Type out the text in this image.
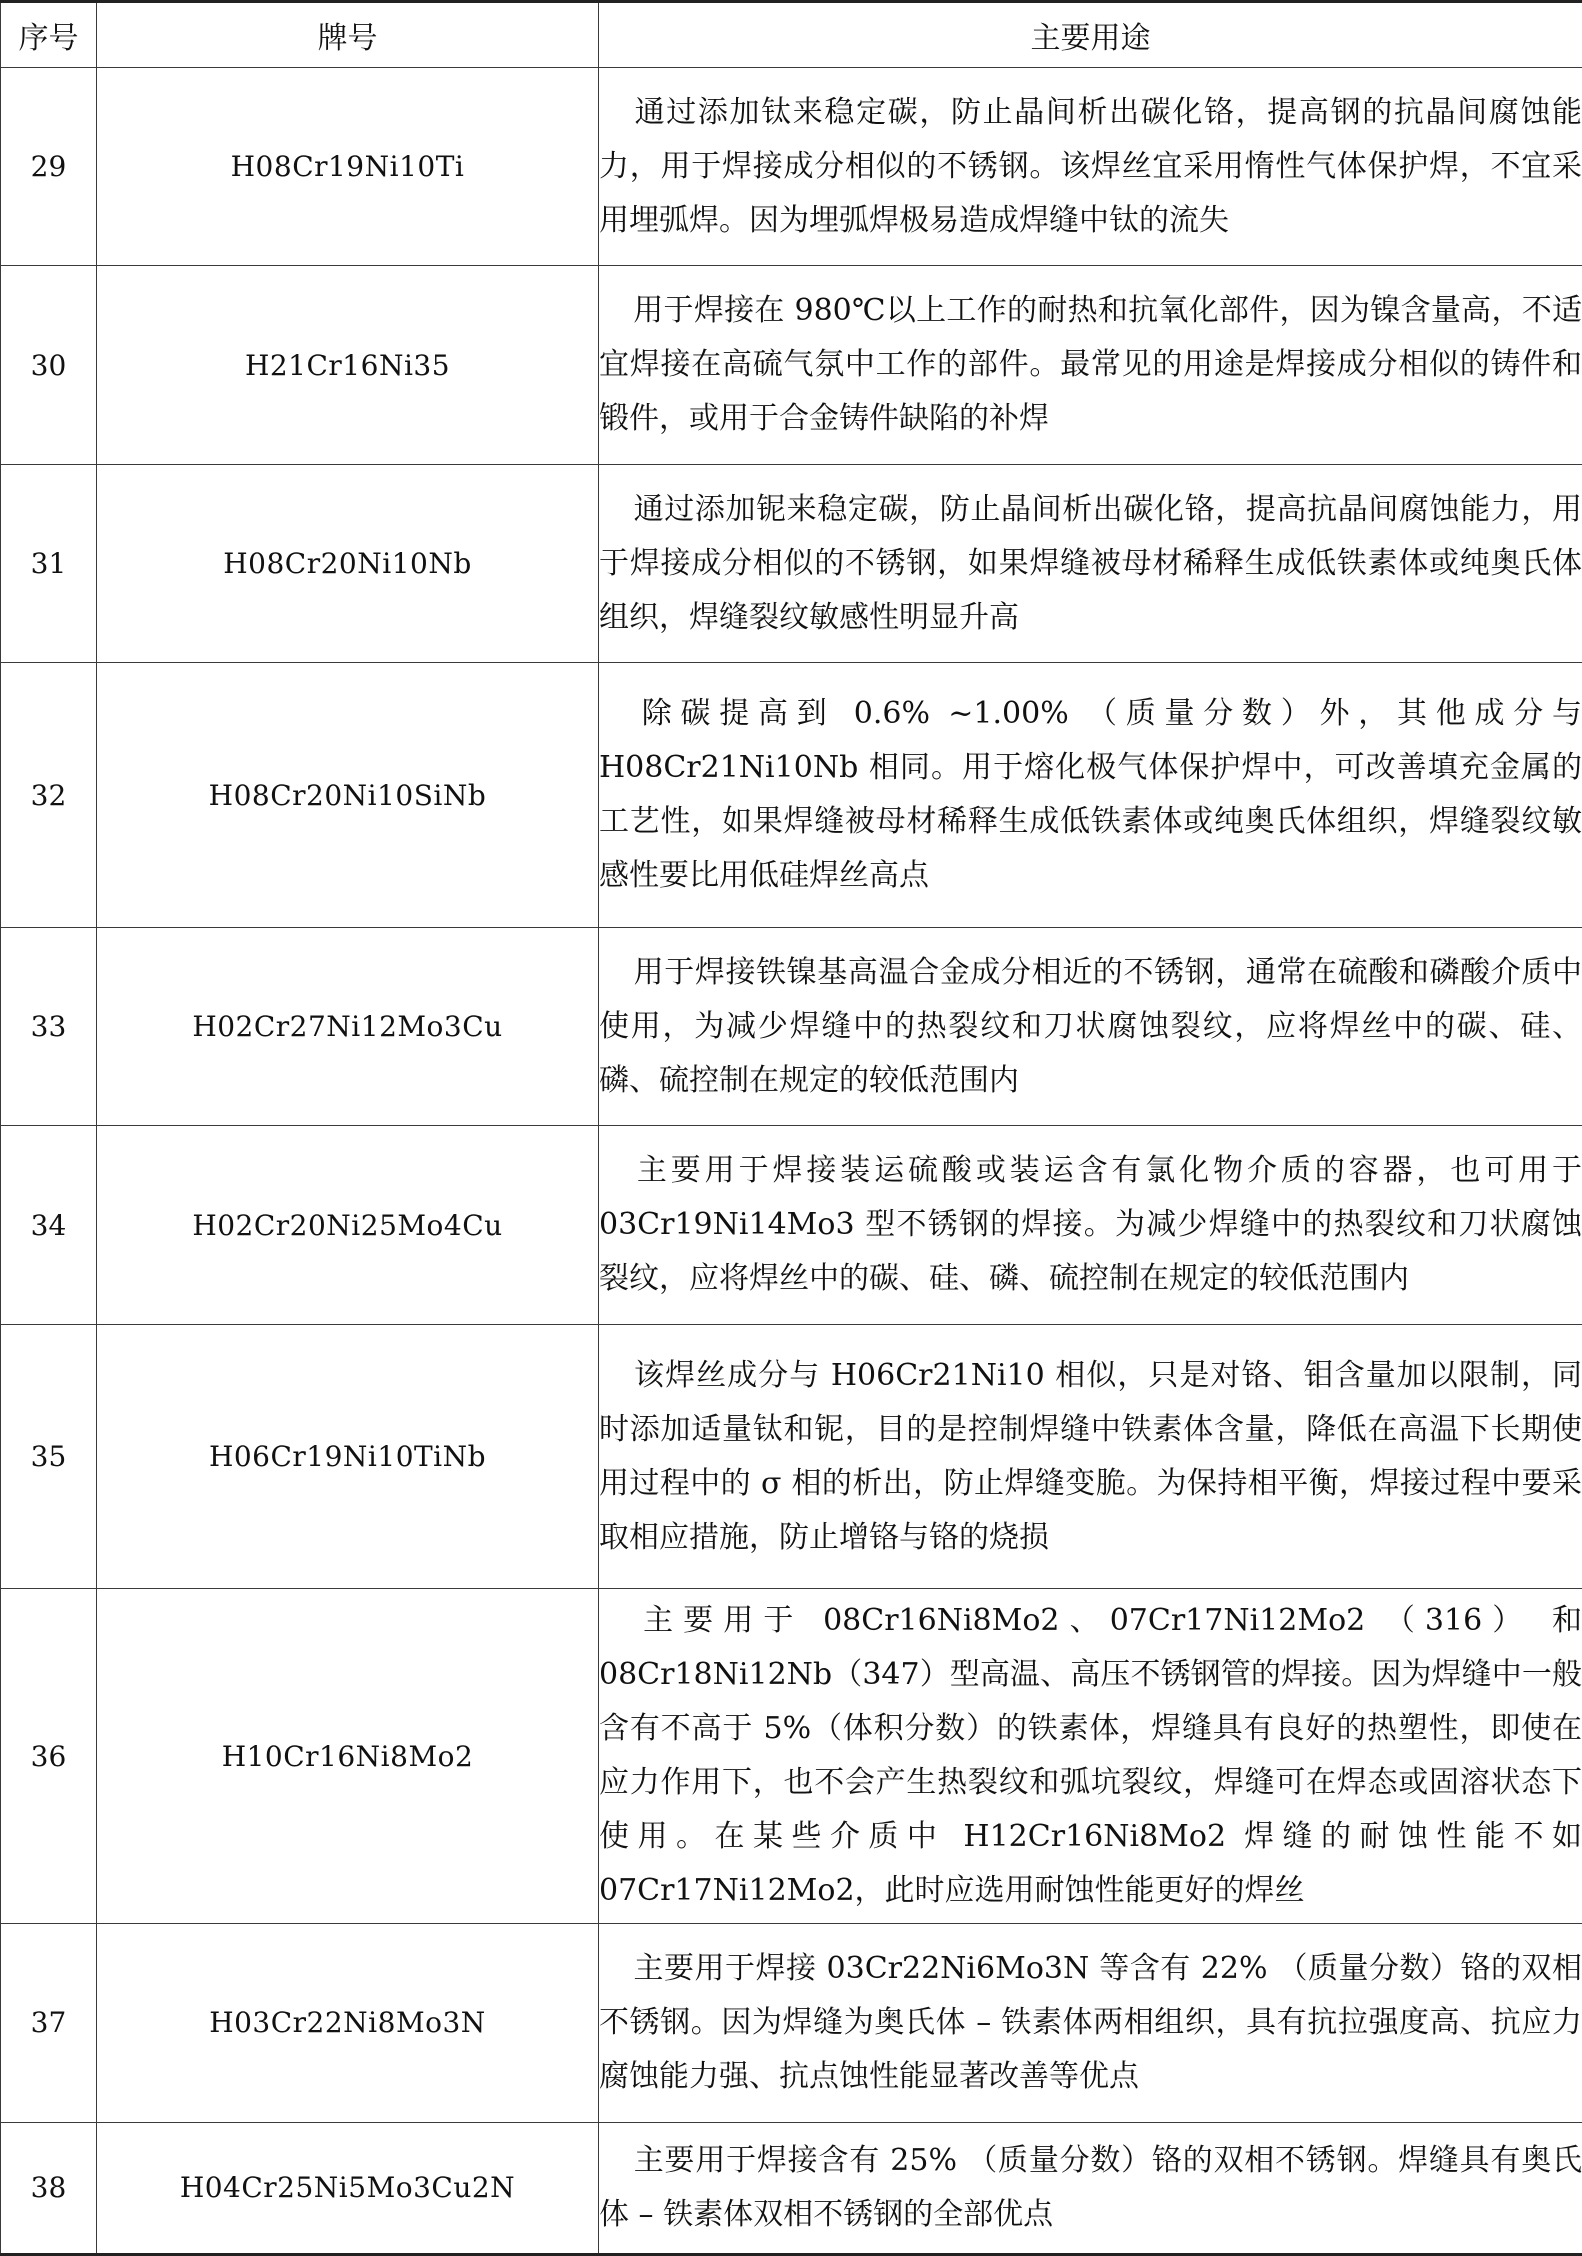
序号	牌号	主要用途
29	H08Cr19Ni10Ti	通过添加钛来稳定碳，防止晶间析出碳化铬，提高钢的抗晶间腐蚀能力，用于焊接成分相似的不锈钢。该焊丝宜采用惰性气体保护焊，不宜采用埋弧焊。因为埋弧焊极易造成焊缝中钛的流失
30	H21Cr16Ni35	用于焊接在 980℃以上工作的耐热和抗氧化部件，因为镍含量高，不适宜焊接在高硫气氛中工作的部件。最常见的用途是焊接成分相似的铸件和锻件，或用于合金铸件缺陷的补焊
31	H08Cr20Ni10Nb	通过添加铌来稳定碳，防止晶间析出碳化铬，提高抗晶间腐蚀能力，用于焊接成分相似的不锈钢，如果焊缝被母材稀释生成低铁素体或纯奥氏体组织，焊缝裂纹敏感性明显升高
32	H08Cr20Ni10SiNb	除碳提高到 0.6% ~1.00% （质量分数）外，其他成分与 H08Cr21Ni10Nb 相同。用于熔化极气体保护焊中，可改善填充金属的工艺性，如果焊缝被母材稀释生成低铁素体或纯奥氏体组织，焊缝裂纹敏感性要比用低硅焊丝高点
33	H02Cr27Ni12Mo3Cu	用于焊接铁镍基高温合金成分相近的不锈钢，通常在硫酸和磷酸介质中使用，为减少焊缝中的热裂纹和刀状腐蚀裂纹，应将焊丝中的碳、硅、磷、硫控制在规定的较低范围内
34	H02Cr20Ni25Mo4Cu	主要用于焊接装运硫酸或装运含有氯化物介质的容器，也可用于 03Cr19Ni14Mo3 型不锈钢的焊接。为减少焊缝中的热裂纹和刀状腐蚀裂纹，应将焊丝中的碳、硅、磷、硫控制在规定的较低范围内
35	H06Cr19Ni10TiNb	该焊丝成分与 H06Cr21Ni10 相似，只是对铬、钼含量加以限制，同时添加适量钛和铌，目的是控制焊缝中铁素体含量，降低在高温下长期使用过程中的 σ 相的析出，防止焊缝变脆。为保持相平衡，焊接过程中要采取相应措施，防止增铬与铬的烧损
36	H10Cr16Ni8Mo2	主要用于 08Cr16Ni8Mo2、07Cr17Ni12Mo2 （316） 和 08Cr18Ni12Nb（347）型高温、高压不锈钢管的焊接。因为焊缝中一般含有不高于 5%（体积分数）的铁素体，焊缝具有良好的热塑性，即使在应力作用下，也不会产生热裂纹和弧坑裂纹，焊缝可在焊态或固溶状态下使用。在某些介质中 H12Cr16Ni8Mo2 焊缝的耐蚀性能不如 07Cr17Ni12Mo2，此时应选用耐蚀性能更好的焊丝
37	H03Cr22Ni8Mo3N	主要用于焊接 03Cr22Ni6Mo3N 等含有 22% （质量分数）铬的双相不锈钢。因为焊缝为奥氏体 – 铁素体两相组织，具有抗拉强度高、抗应力腐蚀能力强、抗点蚀性能显著改善等优点
38	H04Cr25Ni5Mo3Cu2N	主要用于焊接含有 25% （质量分数）铬的双相不锈钢。焊缝具有奥氏体 – 铁素体双相不锈钢的全部优点
